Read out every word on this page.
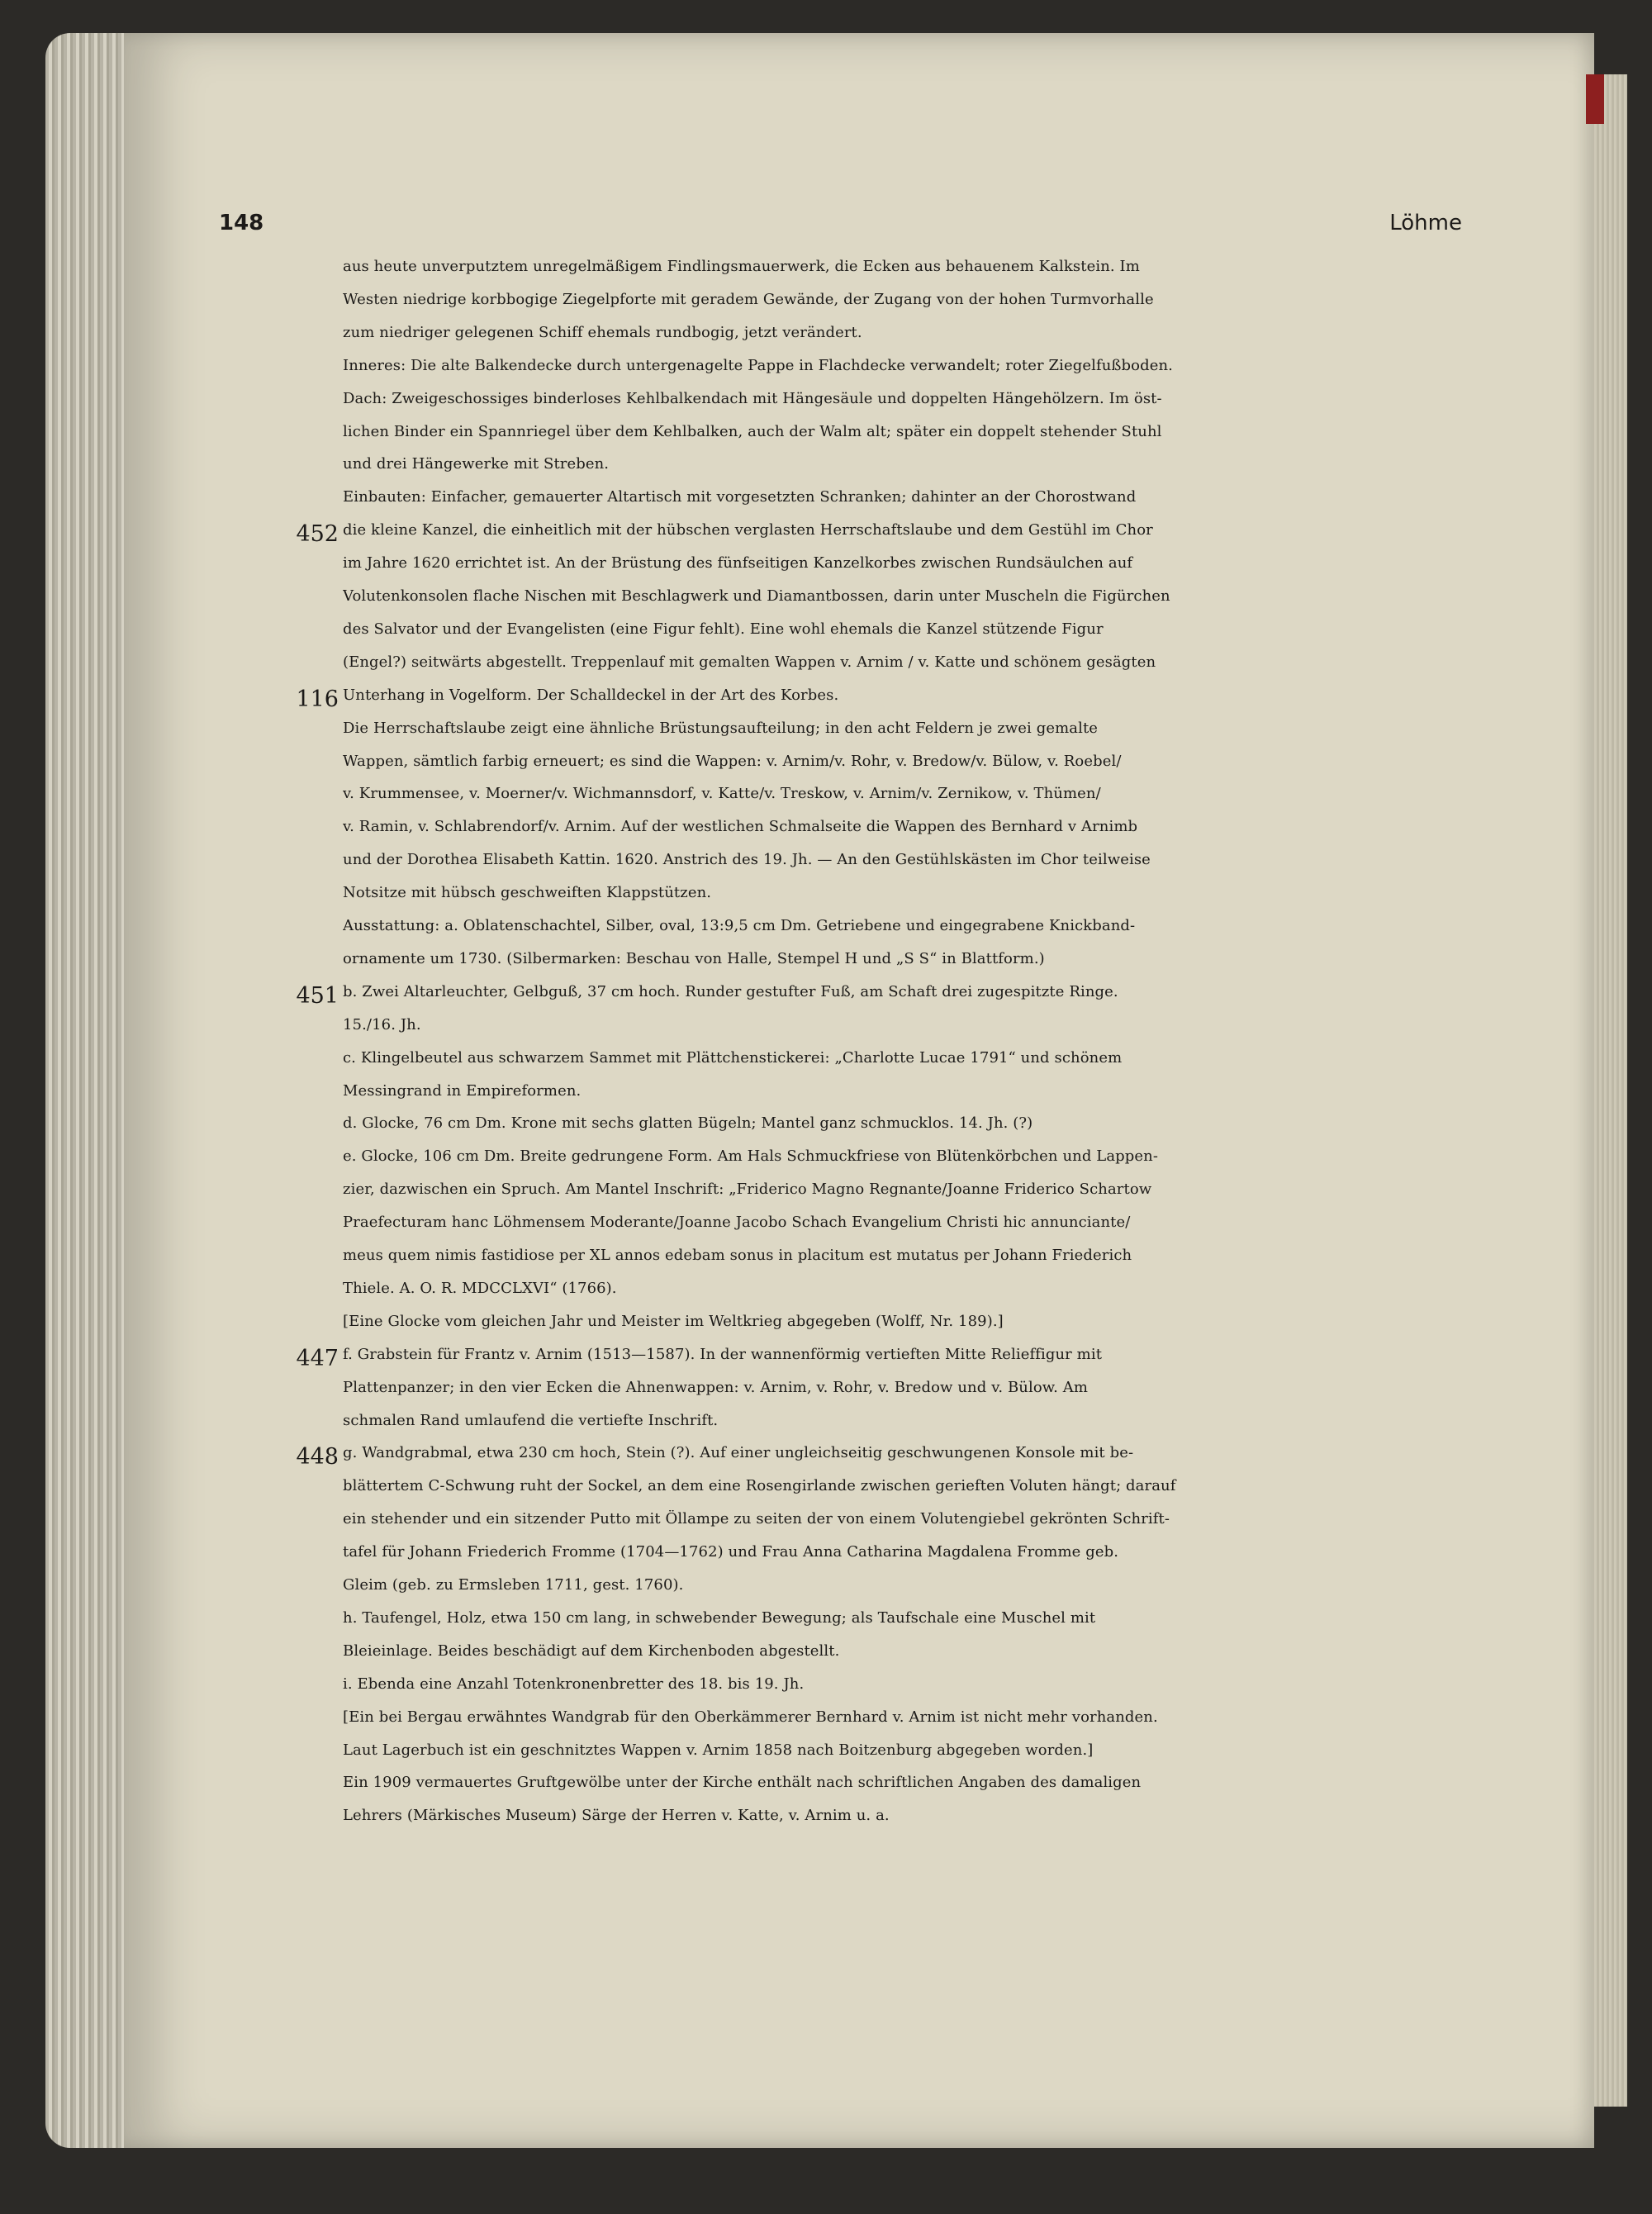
148	Löhme
aus heute unverputztem unregelmäßigem Findlingsmauerwerk, die Ecken aus behauenem Kalkstein. Im
Westen niedrige korbbogige Ziegelpforte mit geradem Gewände, der Zugang von der hohen Turmvorhalle
zum niedriger gelegenen Schiff ehemals rundbogig, jetzt verändert.
Inneres: Die alte Balkendecke durch untergenagelte Pappe in Flachdecke verwandelt; roter Ziegelfußboden.
Dach: Zweigeschossiges binderloses Kehlbalkendach mit Hängesäule und doppelten Hängehölzern. Im öst-
lichen Binder ein Spannriegel über dem Kehlbalken, auch der Walm alt; später ein doppelt stehender Stuhl
und drei Hängewerke mit Streben.
Einbauten: Einfacher, gemauerter Altartisch mit vorgesetzten Schranken; dahinter an der Chorostwand
die kleine Kanzel, die einheitlich mit der hübschen verglasten Herrschaftslaube und dem Gestühl im Chor
im Jahre 1620 errichtet ist. An der Brüstung des fünfseitigen Kanzelkorbes zwischen Rundsäulchen auf
Volutenkonsolen flache Nischen mit Beschlagwerk und Diamantbossen, darin unter Muscheln die Figürchen
des Salvator und der Evangelisten (eine Figur fehlt). Eine wohl ehemals die Kanzel stützende Figur
(Engel?) seitwärts abgestellt. Treppenlauf mit gemalten Wappen v. Arnim / v. Katte und schönem gesägten
Unterhang in Vogelform. Der Schalldeckel in der Art des Korbes.
Die Herrschaftslaube zeigt eine ähnliche Brüstungsaufteilung; in den acht Feldern je zwei gemalte
Wappen, sämtlich farbig erneuert; es sind die Wappen: v. Arnim/v. Rohr, v. Bredow/v. Bülow, v. Roebel/
v. Krummensee, v. Moerner/v. Wichmannsdorf, v. Katte/v. Treskow, v. Arnim/v. Zernikow, v. Thümen/
v. Ramin, v. Schlabrendorf/v. Arnim. Auf der westlichen Schmalseite die Wappen des Bernhard v Arnimb
und der Dorothea Elisabeth Kattin. 1620. Anstrich des 19. Jh. — An den Gestühlskästen im Chor teilweise
Notsitze mit hübsch geschweiften Klappstützen.
Ausstattung: a. Oblatenschachtel, Silber, oval, 13:9,5 cm Dm. Getriebene und eingegrabene Knickband-
ornamente um 1730. (Silbermarken: Beschau von Halle, Stempel H und „S S“ in Blattform.)
b. Zwei Altarleuchter, Gelbguß, 37 cm hoch. Runder gestufter Fuß, am Schaft drei zugespitzte Ringe.
15./16. Jh.
c. Klingelbeutel aus schwarzem Sammet mit Plättchenstickerei: „Charlotte Lucae 1791“ und schönem
Messingrand in Empireformen.
d. Glocke, 76 cm Dm. Krone mit sechs glatten Bügeln; Mantel ganz schmucklos. 14. Jh. (?)
e. Glocke, 106 cm Dm. Breite gedrungene Form. Am Hals Schmuckfriese von Blütenkörbchen und Lappen-
zier, dazwischen ein Spruch. Am Mantel Inschrift: „Friderico Magno Regnante/Joanne Friderico Schartow
Praefecturam hanc Löhmensem Moderante/Joanne Jacobo Schach Evangelium Christi hic annunciante/
meus quem nimis fastidiose per XL annos edebam sonus in placitum est mutatus per Johann Friederich
Thiele. A. O. R. MDCCLXVI“ (1766).
[Eine Glocke vom gleichen Jahr und Meister im Weltkrieg abgegeben (Wolff, Nr. 189).]
f. Grabstein für Frantz v. Arnim (1513—1587). In der wannenförmig vertieften Mitte Relieffigur mit
Plattenpanzer; in den vier Ecken die Ahnenwappen: v. Arnim, v. Rohr, v. Bredow und v. Bülow. Am
schmalen Rand umlaufend die vertiefte Inschrift.
g. Wandgrabmal, etwa 230 cm hoch, Stein (?). Auf einer ungleichseitig geschwungenen Konsole mit be-
blättertem C-Schwung ruht der Sockel, an dem eine Rosengirlande zwischen gerieften Voluten hängt; darauf
ein stehender und ein sitzender Putto mit Öllampe zu seiten der von einem Volutengiebel gekrönten Schrift-
tafel für Johann Friederich Fromme (1704—1762) und Frau Anna Catharina Magdalena Fromme geb.
Gleim (geb. zu Ermsleben 1711, gest. 1760).
h. Taufengel, Holz, etwa 150 cm lang, in schwebender Bewegung; als Taufschale eine Muschel mit
Bleieinlage. Beides beschädigt auf dem Kirchenboden abgestellt.
i. Ebenda eine Anzahl Totenkronenbretter des 18. bis 19. Jh.
[Ein bei Bergau erwähntes Wandgrab für den Oberkämmerer Bernhard v. Arnim ist nicht mehr vorhanden.
Laut Lagerbuch ist ein geschnitztes Wappen v. Arnim 1858 nach Boitzenburg abgegeben worden.]
Ein 1909 vermauertes Gruftgewölbe unter der Kirche enthält nach schriftlichen Angaben des damaligen
Lehrers (Märkisches Museum) Särge der Herren v. Katte, v. Arnim u. a.
452
116
451
447
448
